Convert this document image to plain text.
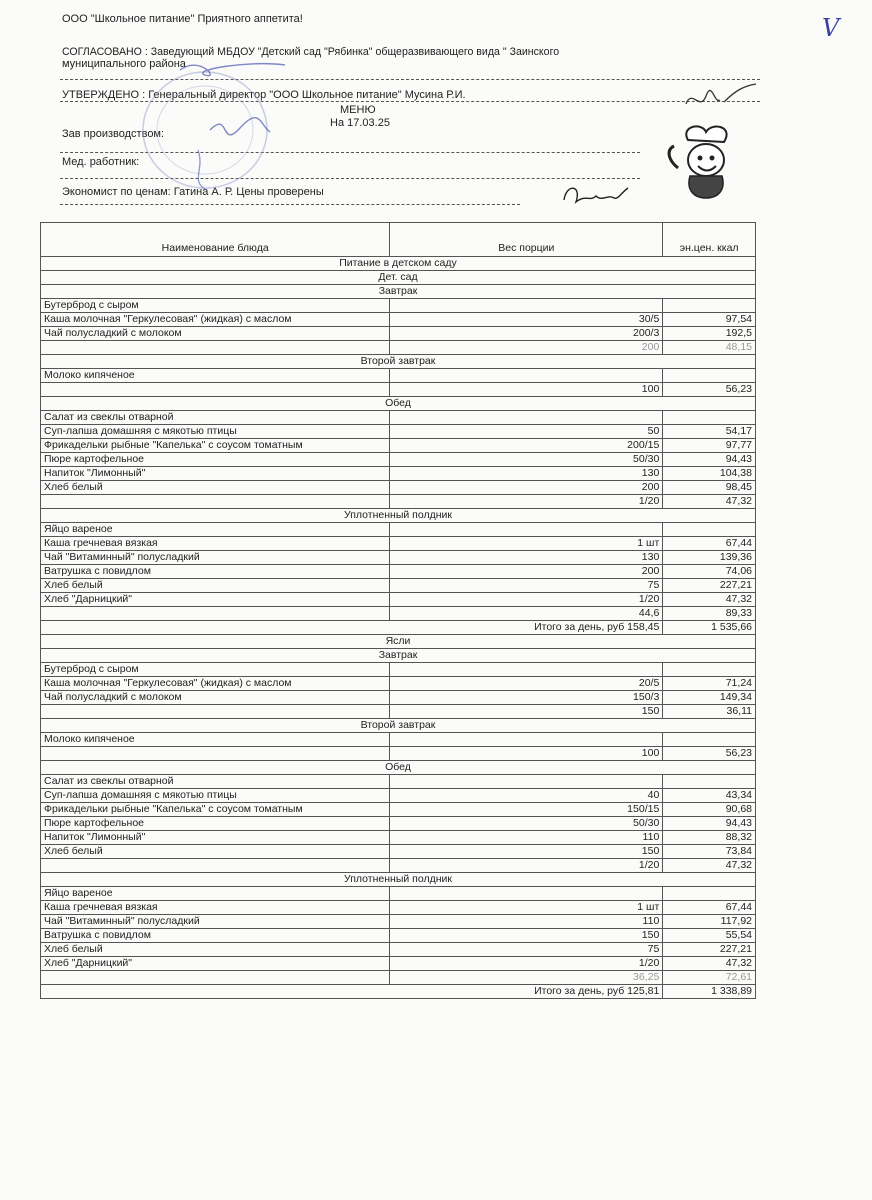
ООО "Школьное питание" Приятного аппетита!
СОГЛАСОВАНО : Заведующий МБДОУ "Детский сад "Рябинка" общеразвивающего вида " Заинского
муниципального района
УТВЕРЖДЕНО : Генеральный директор "ООО Школьное питание" Мусина Р.И.
МЕНЮ
На 17.03.25
Зав производством:
Мед. работник:
Экономист по ценам: Гатина А. Р. Цены проверены
V
Наименование блюда	Вес порции	эн.цен. ккал
Питание в детском саду		
Дет. сад		
Завтрак		
Бутерброд с сыром		
Каша молочная "Геркулесовая" (жидкая) с маслом	30/5	97,54
Чай полусладкий с молоком	200/3	192,5
	200	48,15
Второй завтрак		
Молоко кипяченое		
	100	56,23
Обед		
Салат из свеклы отварной		
Суп-лапша домашняя с мякотью птицы	50	54,17
Фрикадельки рыбные "Капелька" с соусом томатным	200/15	97,77
Пюре картофельное	50/30	94,43
Напиток "Лимонный"	130	104,38
Хлеб белый	200	98,45
	1/20	47,32
Уплотненный полдник		
Яйцо вареное		
Каша гречневая вязкая	1 шт	67,44
Чай "Витаминный" полусладкий	130	139,36
Ватрушка с повидлом	200	74,06
Хлеб белый	75	227,21
Хлеб "Дарницкий"	1/20	47,32
	44,6	89,33
Итого за день, руб 158,45		1 535,66
Ясли		
Завтрак		
Бутерброд с сыром		
Каша молочная "Геркулесовая" (жидкая) с маслом	20/5	71,24
Чай полусладкий с молоком	150/3	149,34
	150	36,11
Второй завтрак		
Молоко кипяченое		
	100	56,23
Обед		
Салат из свеклы отварной		
Суп-лапша домашняя с мякотью птицы	40	43,34
Фрикадельки рыбные "Капелька" с соусом томатным	150/15	90,68
Пюре картофельное	50/30	94,43
Напиток "Лимонный"	110	88,32
Хлеб белый	150	73,84
	1/20	47,32
Уплотненный полдник		
Яйцо вареное		
Каша гречневая вязкая	1 шт	67,44
Чай "Витаминный" полусладкий	110	117,92
Ватрушка с повидлом	150	55,54
Хлеб белый	75	227,21
Хлеб "Дарницкий"	1/20	47,32
	36,25	72,61
Итого за день, руб 125,81		1 338,89
